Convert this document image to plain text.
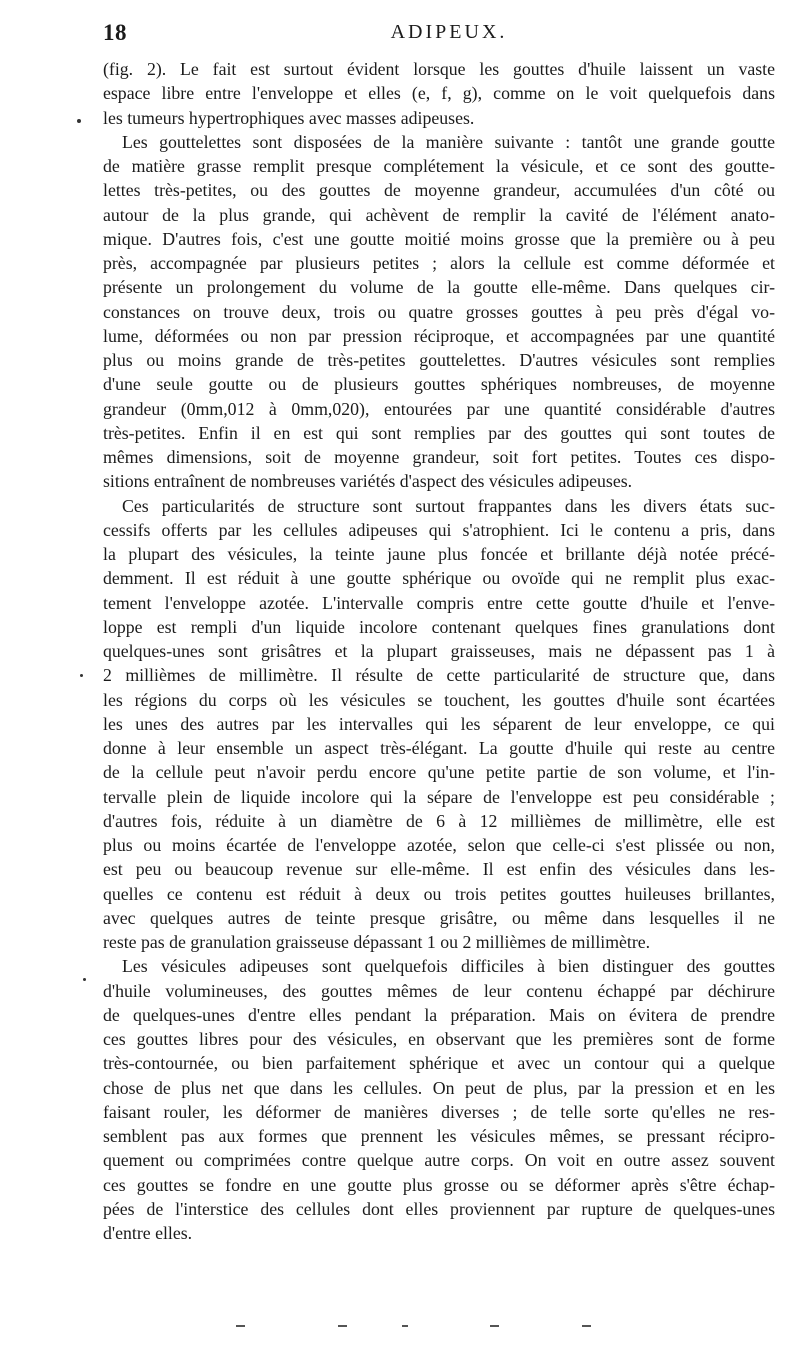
18	ADIPEUX.
(fig. 2). Le fait est surtout évident lorsque les gouttes d'huile laissent un vaste
espace libre entre l'enveloppe et elles (e, f, g), comme on le voit quelquefois dans
les tumeurs hypertrophiques avec masses adipeuses.
Les gouttelettes sont disposées de la manière suivante : tantôt une grande goutte
de matière grasse remplit presque complétement la vésicule, et ce sont des goutte-
lettes très-petites, ou des gouttes de moyenne grandeur, accumulées d'un côté ou
autour de la plus grande, qui achèvent de remplir la cavité de l'élément anato-
mique. D'autres fois, c'est une goutte moitié moins grosse que la première ou à peu
près, accompagnée par plusieurs petites ; alors la cellule est comme déformée et
présente un prolongement du volume de la goutte elle-même. Dans quelques cir-
constances on trouve deux, trois ou quatre grosses gouttes à peu près d'égal vo-
lume, déformées ou non par pression réciproque, et accompagnées par une quantité
plus ou moins grande de très-petites gouttelettes. D'autres vésicules sont remplies
d'une seule goutte ou de plusieurs gouttes sphériques nombreuses, de moyenne
grandeur (0mm,012 à 0mm,020), entourées par une quantité considérable d'autres
très-petites. Enfin il en est qui sont remplies par des gouttes qui sont toutes de
mêmes dimensions, soit de moyenne grandeur, soit fort petites. Toutes ces dispo-
sitions entraînent de nombreuses variétés d'aspect des vésicules adipeuses.
Ces particularités de structure sont surtout frappantes dans les divers états suc-
cessifs offerts par les cellules adipeuses qui s'atrophient. Ici le contenu a pris, dans
la plupart des vésicules, la teinte jaune plus foncée et brillante déjà notée précé-
demment. Il est réduit à une goutte sphérique ou ovoïde qui ne remplit plus exac-
tement l'enveloppe azotée. L'intervalle compris entre cette goutte d'huile et l'enve-
loppe est rempli d'un liquide incolore contenant quelques fines granulations dont
quelques-unes sont grisâtres et la plupart graisseuses, mais ne dépassent pas 1 à
2 millièmes de millimètre. Il résulte de cette particularité de structure que, dans
les régions du corps où les vésicules se touchent, les gouttes d'huile sont écartées
les unes des autres par les intervalles qui les séparent de leur enveloppe, ce qui
donne à leur ensemble un aspect très-élégant. La goutte d'huile qui reste au centre
de la cellule peut n'avoir perdu encore qu'une petite partie de son volume, et l'in-
tervalle plein de liquide incolore qui la sépare de l'enveloppe est peu considérable ;
d'autres fois, réduite à un diamètre de 6 à 12 millièmes de millimètre, elle est
plus ou moins écartée de l'enveloppe azotée, selon que celle-ci s'est plissée ou non,
est peu ou beaucoup revenue sur elle-même. Il est enfin des vésicules dans les-
quelles ce contenu est réduit à deux ou trois petites gouttes huileuses brillantes,
avec quelques autres de teinte presque grisâtre, ou même dans lesquelles il ne
reste pas de granulation graisseuse dépassant 1 ou 2 millièmes de millimètre.
Les vésicules adipeuses sont quelquefois difficiles à bien distinguer des gouttes
d'huile volumineuses, des gouttes mêmes de leur contenu échappé par déchirure
de quelques-unes d'entre elles pendant la préparation. Mais on évitera de prendre
ces gouttes libres pour des vésicules, en observant que les premières sont de forme
très-contournée, ou bien parfaitement sphérique et avec un contour qui a quelque
chose de plus net que dans les cellules. On peut de plus, par la pression et en les
faisant rouler, les déformer de manières diverses ; de telle sorte qu'elles ne res-
semblent pas aux formes que prennent les vésicules mêmes, se pressant récipro-
quement ou comprimées contre quelque autre corps. On voit en outre assez souvent
ces gouttes se fondre en une goutte plus grosse ou se déformer après s'être échap-
pées de l'interstice des cellules dont elles proviennent par rupture de quelques-unes
d'entre elles.
